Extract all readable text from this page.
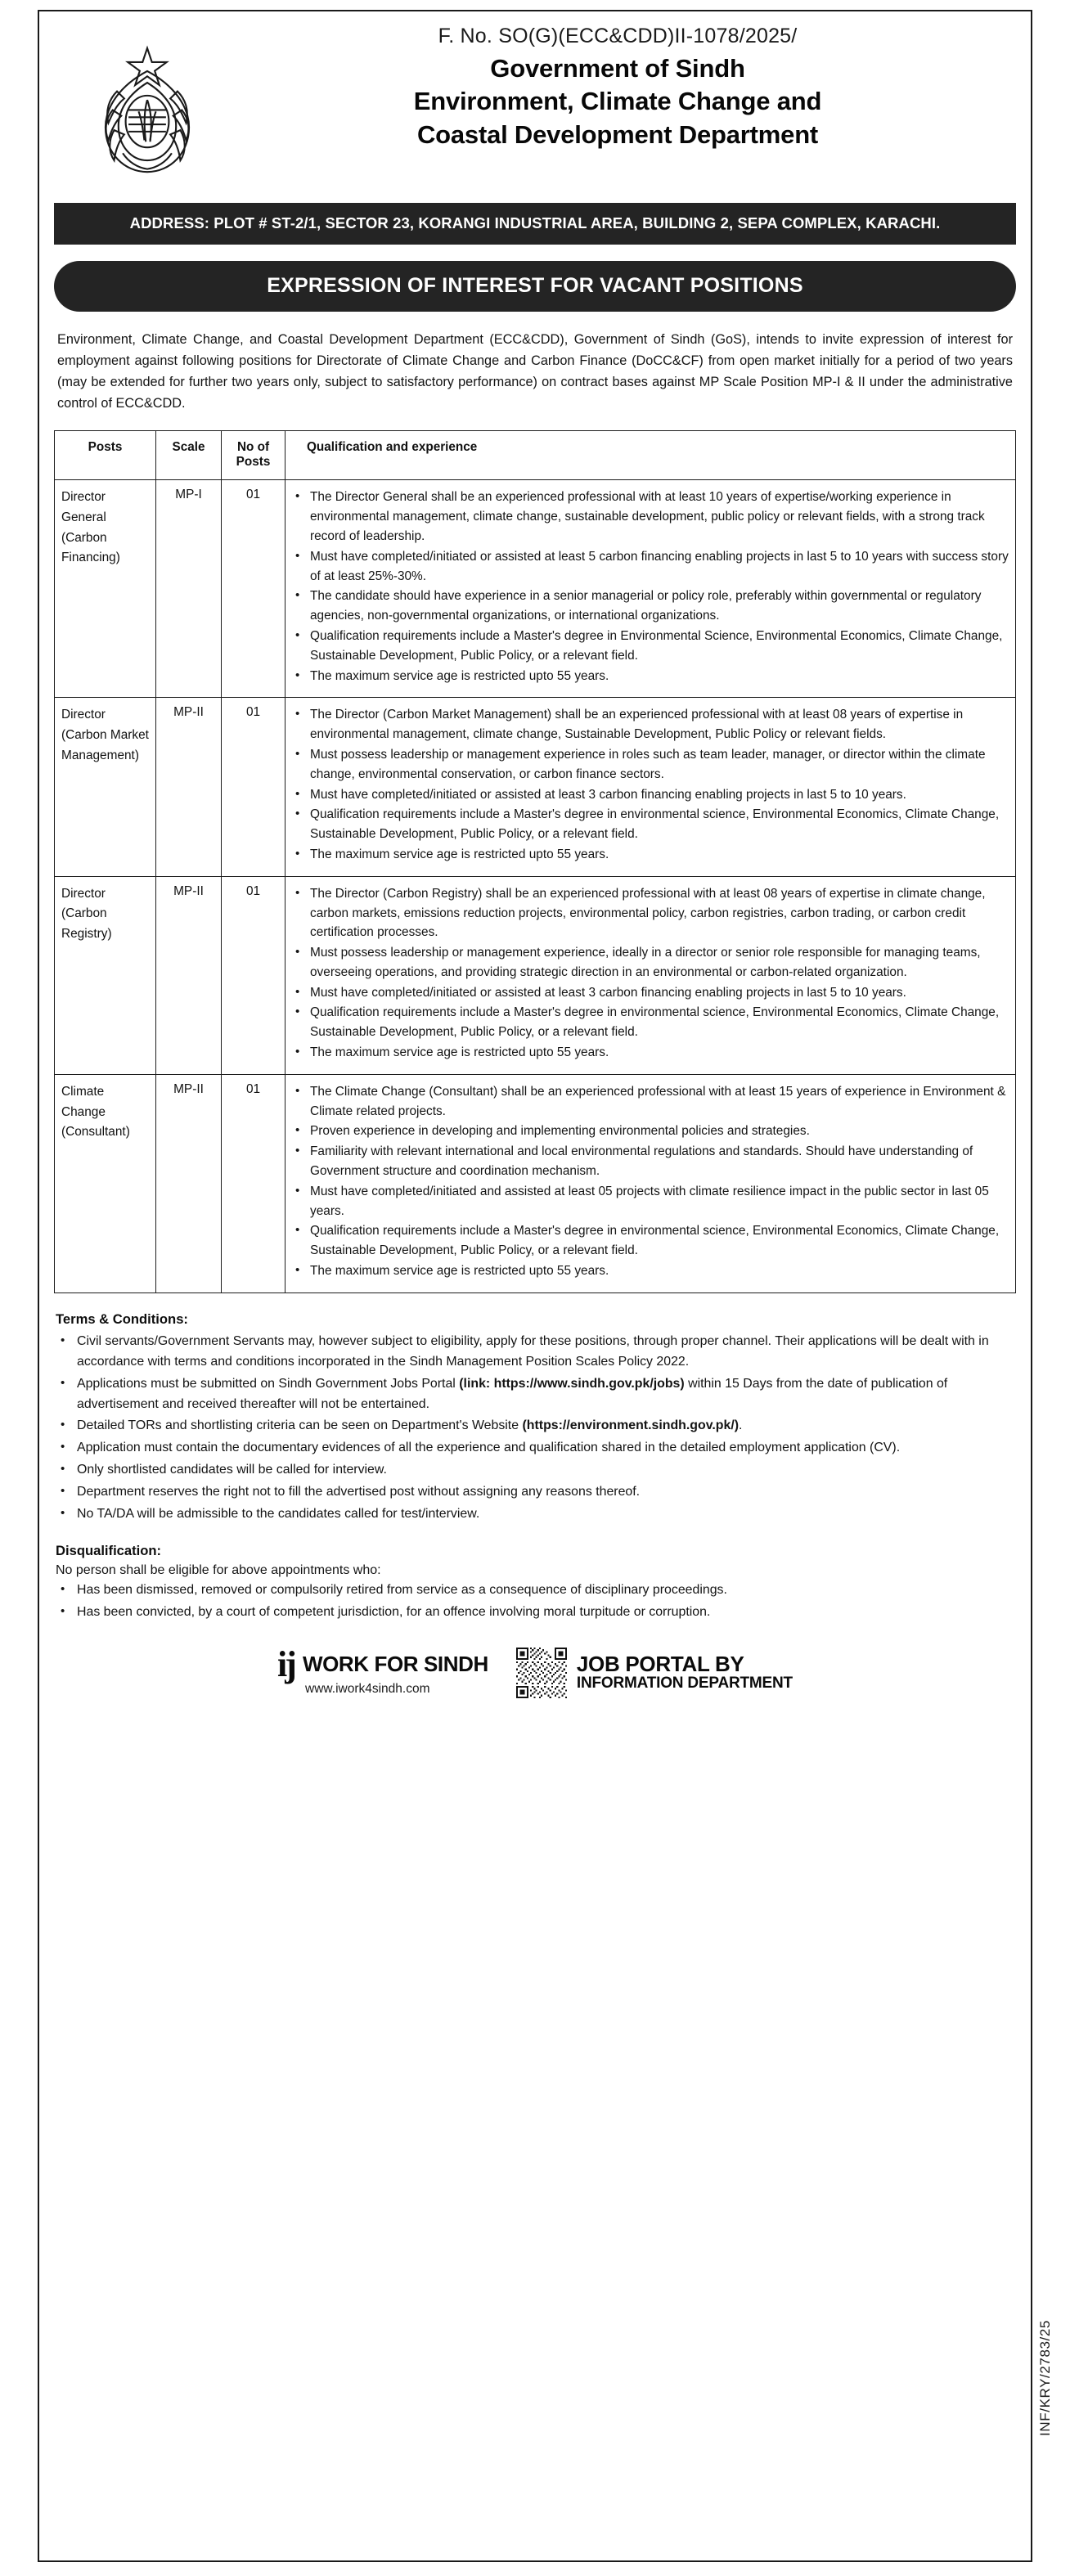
F. No. SO(G)(ECC&CDD)II-1078/2025/
Government of Sindh
Environment, Climate Change and
Coastal Development Department
ADDRESS: PLOT # ST-2/1, SECTOR 23, KORANGI INDUSTRIAL AREA, BUILDING 2, SEPA COMPLEX, KARACHI.
EXPRESSION OF INTEREST FOR VACANT POSITIONS
Environment, Climate Change, and Coastal Development Department (ECC&CDD), Government of Sindh (GoS), intends to invite expression of interest for employment against following positions for Directorate of Climate Change and Carbon Finance (DoCC&CF) from open market initially for a period of two years (may be extended for further two years only, subject to satisfactory performance) on contract bases against MP Scale Position MP-I & II under the administrative control of ECC&CDD.
Posts	Scale	No of Posts	Qualification and experience
Director General (Carbon Financing)	MP-I	01	
•The Director General shall be an experienced professional with at least 10 years of expertise/working experience in environmental management, climate change, sustainable development, public policy or relevant fields, with a strong track record of leadership.
• Must have completed/initiated or assisted at least 5 carbon financing enabling projects in last 5 to 10 years with success story of at least 25%-30%.
• The candidate should have experience in a senior managerial or policy role, preferably within governmental or regulatory agencies, non-governmental organizations, or international organizations.
• Qualification requirements include a Master's degree in Environmental Science, Environmental Economics, Climate Change, Sustainable Development, Public Policy, or a relevant field.
• The maximum service age is restricted upto 55 years.

Director (Carbon Market Management)	MP-II	01	
•The Director (Carbon Market Management) shall be an experienced professional with at least 08 years of expertise in environmental management, climate change, Sustainable Development, Public Policy or relevant fields.
• Must possess leadership or management experience in roles such as team leader, manager, or director within the climate change, environmental conservation, or carbon finance sectors.
• Must have completed/initiated or assisted at least 3 carbon financing enabling projects in last 5 to 10 years.
• Qualification requirements include a Master's degree in environmental science, Environmental Economics, Climate Change, Sustainable Development, Public Policy, or a relevant field.
• The maximum service age is restricted upto 55 years.

Director (Carbon Registry)	MP-II	01	
•The Director (Carbon Registry) shall be an experienced professional with at least 08 years of expertise in climate change, carbon markets, emissions reduction projects, environmental policy, carbon registries, carbon trading, or carbon credit certification processes.
• Must possess leadership or management experience, ideally in a director or senior role responsible for managing teams, overseeing operations, and providing strategic direction in an environmental or carbon-related organization.
• Must have completed/initiated or assisted at least 3 carbon financing enabling projects in last 5 to 10 years.
• Qualification requirements include a Master's degree in environmental science, Environmental Economics, Climate Change, Sustainable Development, Public Policy, or a relevant field.
• The maximum service age is restricted upto 55 years.

Climate Change (Consultant)	MP-II	01	
•The Climate Change (Consultant) shall be an experienced professional with at least 15 years of experience in Environment & Climate related projects.
• Proven experience in developing and implementing environmental policies and strategies.
• Familiarity with relevant international and local environmental regulations and standards. Should have understanding of Government structure and coordination mechanism.
• Must have completed/initiated and assisted at least 05 projects with climate resilience impact in the public sector in last 05 years.
• Qualification requirements include a Master's degree in environmental science, Environmental Economics, Climate Change, Sustainable Development, Public Policy, or a relevant field.
• The maximum service age is restricted upto 55 years.
Terms & Conditions:
• Civil servants/Government Servants may, however subject to eligibility, apply for these positions, through proper channel. Their applications will be dealt with in accordance with terms and conditions incorporated in the Sindh Management Position Scales Policy 2022.
• Applications must be submitted on Sindh Government Jobs Portal (link: https://www.sindh.gov.pk/jobs) within 15 Days from the date of publication of advertisement and received thereafter will not be entertained.
• Detailed TORs and shortlisting criteria can be seen on Department's Website (https://environment.sindh.gov.pk/).
• Application must contain the documentary evidences of all the experience and qualification shared in the detailed employment application (CV).
• Only shortlisted candidates will be called for interview.
• Department reserves the right not to fill the advertised post without assigning any reasons thereof.
• No TA/DA will be admissible to the candidates called for test/interview.
Disqualification:
No person shall be eligible for above appointments who:
• Has been dismissed, removed or compulsorily retired from service as a consequence of disciplinary proceedings.
• Has been convicted, by a court of competent jurisdiction, for an offence involving moral turpitude or corruption.
ij WORK FOR SINDH
www.iwork4sindh.com
JOB PORTAL BY
INFORMATION DEPARTMENT
INF/KRY/2783/25
